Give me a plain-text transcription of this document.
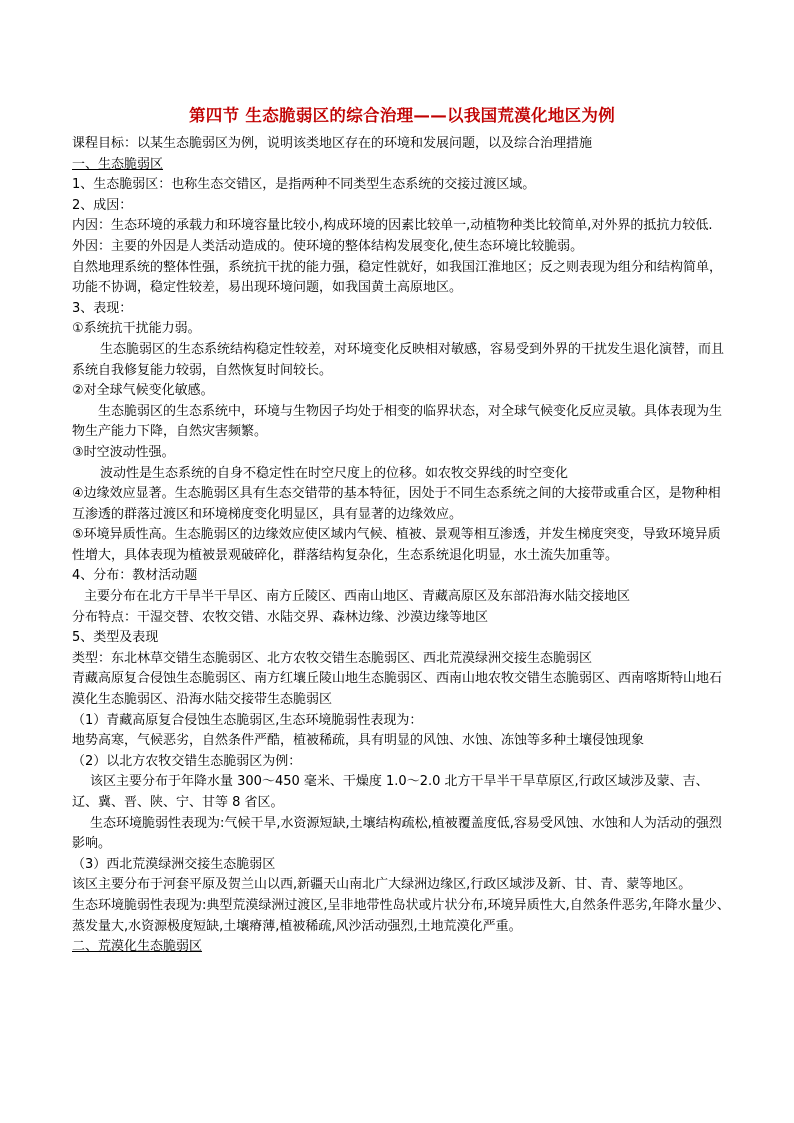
第四节 生态脆弱区的综合治理——以我国荒漠化地区为例

课程目标：以某生态脆弱区为例，说明该类地区存在的环境和发展问题，以及综合治理措施

一、生态脆弱区

1、生态脆弱区：也称生态交错区，是指两种不同类型生态系统的交接过渡区域。

2、成因：

内因：生态环境的承载力和环境容量比较小,构成环境的因素比较单一,动植物种类比较简单,对外界的抵抗力较低.

外因：主要的外因是人类活动造成的。使环境的整体结构发展变化,使生态环境比较脆弱。

自然地理系统的整体性强，系统抗干扰的能力强，稳定性就好，如我国江淮地区；反之则表现为组分和结构简单，功能不协调，稳定性较差，易出现环境问题，如我国黄土高原地区。

3、表现：

①系统抗干扰能力弱。

生态脆弱区的生态系统结构稳定性较差，对环境变化反映相对敏感，容易受到外界的干扰发生退化演替，而且系统自我修复能力较弱，自然恢复时间较长。

②对全球气候变化敏感。

生态脆弱区的生态系统中，环境与生物因子均处于相变的临界状态，对全球气候变化反应灵敏。具体表现为生物生产能力下降，自然灾害频繁。

③时空波动性强。

波动性是生态系统的自身不稳定性在时空尺度上的位移。如农牧交界线的时空变化

④边缘效应显著。生态脆弱区具有生态交错带的基本特征，因处于不同生态系统之间的大接带或重合区，是物种相互渗透的群落过渡区和环境梯度变化明显区，具有显著的边缘效应。

⑤环境异质性高。生态脆弱区的边缘效应使区域内气候、植被、景观等相互渗透，并发生梯度突变，导致环境异质性增大，具体表现为植被景观破碎化，群落结构复杂化，生态系统退化明显，水土流失加重等。

4、分布：教材活动题

主要分布在北方干旱半干旱区、南方丘陵区、西南山地区、青藏高原区及东部沿海水陆交接地区

分布特点：干湿交替、农牧交错、水陆交界、森林边缘、沙漠边缘等地区

5、类型及表现

类型：东北林草交错生态脆弱区、北方农牧交错生态脆弱区、西北荒漠绿洲交接生态脆弱区

青藏高原复合侵蚀生态脆弱区、南方红壤丘陵山地生态脆弱区、西南山地农牧交错生态脆弱区、西南喀斯特山地石漠化生态脆弱区、沿海水陆交接带生态脆弱区

（1）青藏高原复合侵蚀生态脆弱区,生态环境脆弱性表现为：

地势高寒，气候恶劣，自然条件严酷，植被稀疏，具有明显的风蚀、水蚀、冻蚀等多种土壤侵蚀现象

（2）以北方农牧交错生态脆弱区为例：

该区主要分布于年降水量 300～450 毫米、干燥度 1.0～2.0 北方干旱半干旱草原区,行政区域涉及蒙、吉、辽、冀、晋、陕、宁、甘等 8 省区。

生态环境脆弱性表现为:气候干旱,水资源短缺,土壤结构疏松,植被覆盖度低,容易受风蚀、水蚀和人为活动的强烈影响。

（3）西北荒漠绿洲交接生态脆弱区

该区主要分布于河套平原及贺兰山以西,新疆天山南北广大绿洲边缘区,行政区域涉及新、甘、青、蒙等地区。

生态环境脆弱性表现为:典型荒漠绿洲过渡区,呈非地带性岛状或片状分布,环境异质性大,自然条件恶劣,年降水量少、蒸发量大,水资源极度短缺,土壤瘠薄,植被稀疏,风沙活动强烈,土地荒漠化严重。

二、荒漠化生态脆弱区
